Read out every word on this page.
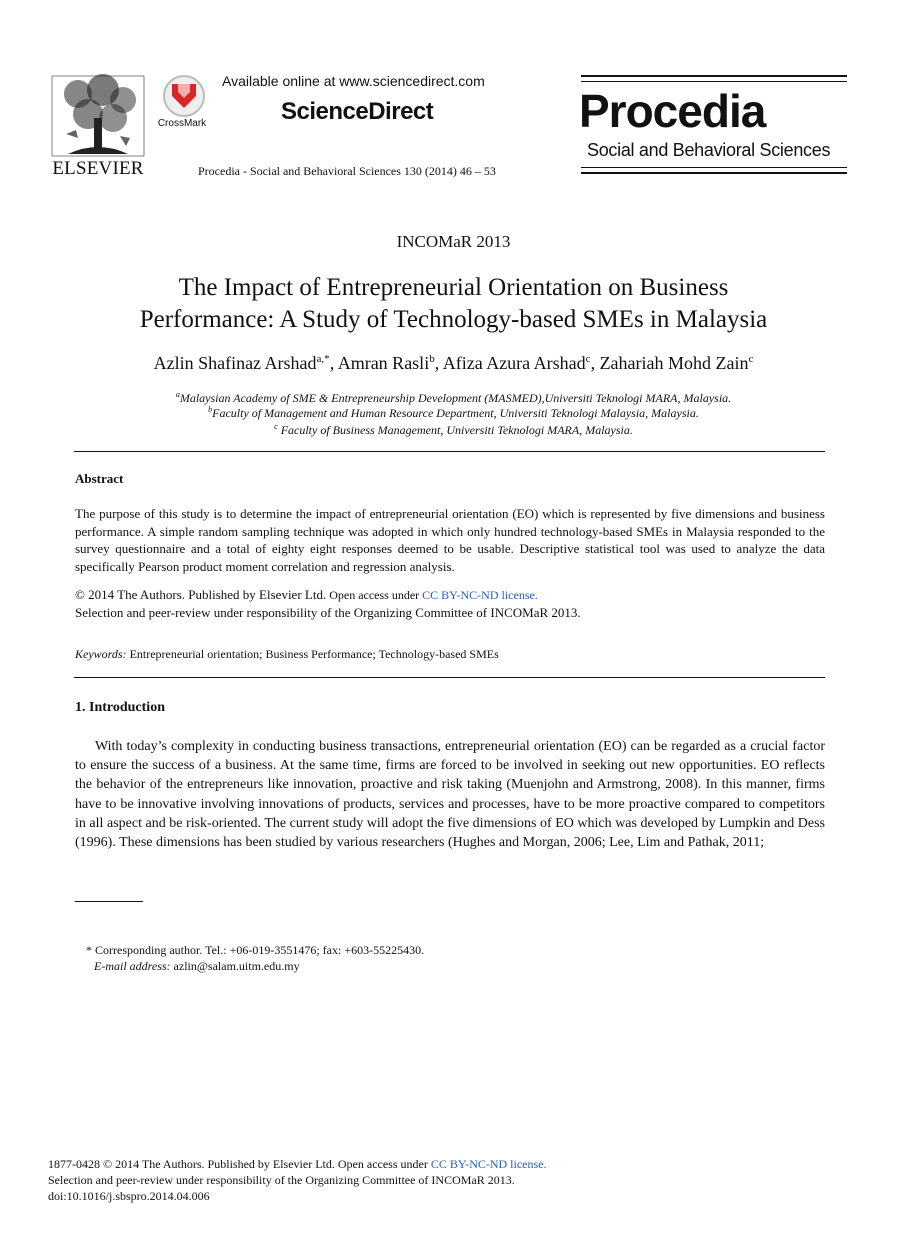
ELSEVIER
CrossMark
Available online at www.sciencedirect.com
ScienceDirect
Procedia - Social and Behavioral Sciences 130 (2014) 46 – 53
Procedia
Social and Behavioral Sciences
INCOMaR 2013
The Impact of Entrepreneurial Orientation on Business
Performance: A Study of Technology-based SMEs in Malaysia
Azlin Shafinaz Arshad$^{a,*}$, Amran Rasli$^b$, Afiza Azura Arshad$^c$, Zahariah Mohd Zain$^c$
$^a$Malaysian Academy of SME & Entrepreneurship Development (MASMED),Universiti Teknologi MARA, Malaysia.
$^b$Faculty of Management and Human Resource Department, Universiti Teknologi Malaysia, Malaysia.
$^c$ Faculty of Business Management, Universiti Teknologi MARA, Malaysia.
Abstract
The purpose of this study is to determine the impact of entrepreneurial orientation (EO) which is represented by five dimensions and business performance. A simple random sampling technique was adopted in which only hundred technology-based SMEs in Malaysia responded to the survey questionnaire and a total of eighty eight responses deemed to be usable. Descriptive statistical tool was used to analyze the data specifically Pearson product moment correlation and regression analysis.
© 2014 The Authors. Published by Elsevier Ltd. Open access under CC BY-NC-ND license.
Selection and peer-review under responsibility of the Organizing Committee of INCOMaR 2013.
Keywords: Entrepreneurial orientation; Business Performance; Technology-based SMEs
1. Introduction
With today’s complexity in conducting business transactions, entrepreneurial orientation (EO) can be regarded as a crucial factor to ensure the success of a business. At the same time, firms are forced to be involved in seeking out new opportunities. EO reflects the behavior of the entrepreneurs like innovation, proactive and risk taking (Muenjohn and Armstrong, 2008). In this manner, firms have to be innovative involving innovations of products, services and processes, have to be more proactive compared to competitors in all aspect and be risk-oriented. The current study will adopt the five dimensions of EO which was developed by Lumpkin and Dess (1996). These dimensions has been studied by various researchers (Hughes and Morgan, 2006; Lee, Lim and Pathak, 2011;
* Corresponding author. Tel.: +06-019-3551476; fax: +603-55225430.
E-mail address: azlin@salam.uitm.edu.my
1877-0428 © 2014 The Authors. Published by Elsevier Ltd. Open access under CC BY-NC-ND license.
Selection and peer-review under responsibility of the Organizing Committee of INCOMaR 2013.
doi:10.1016/j.sbspro.2014.04.006
